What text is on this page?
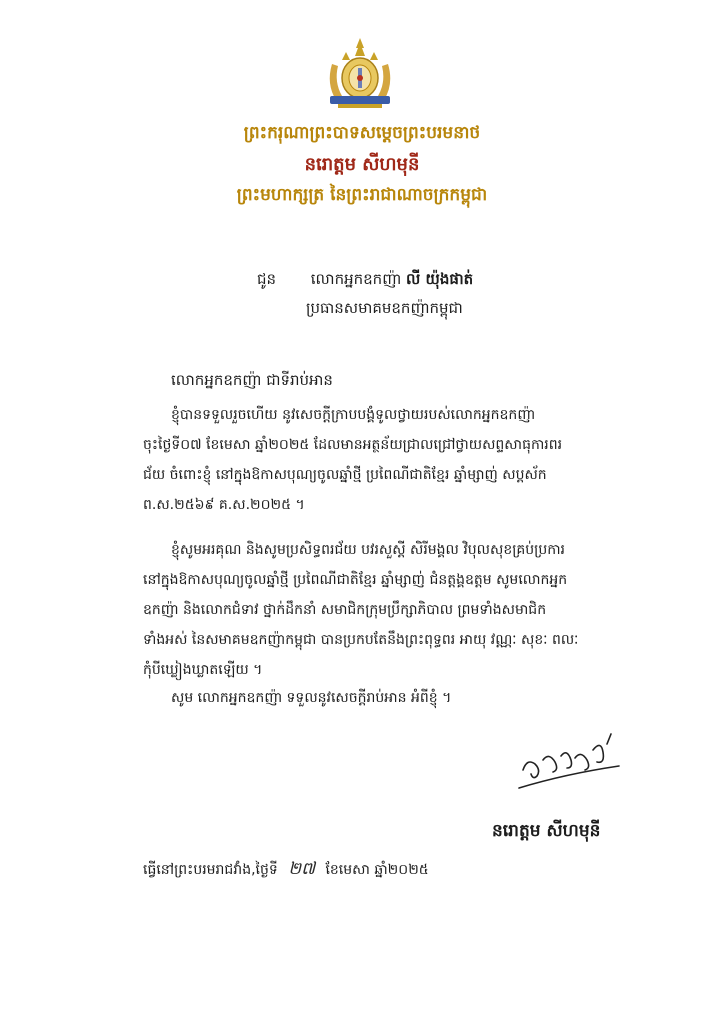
ព្រះករុណាព្រះបាទសម្តេចព្រះបរមនាថ
នរោត្តម សីហមុនី
ព្រះមហាក្សត្រ នៃព្រះរាជាណាចក្រកម្ពុជា
ជូន លោកអ្នកឧកញ៉ា លី យ៉ុងផាត់
ប្រធានសមាគមឧកញ៉ាកម្ពុជា
លោកអ្នកឧកញ៉ា ជាទីរាប់អាន
ខ្ញុំបានទទួលរួចហើយ នូវសេចក្តីក្រាបបង្គំទូលថ្វាយរបស់លោកអ្នកឧកញ៉ា
ចុះថ្ងៃទី០៧ ខែមេសា ឆ្នាំ២០២៥ ដែលមានអត្ថន័យជ្រាលជ្រៅថ្វាយសព្ទសាធុការពរ
ជ័យ ចំពោះខ្ញុំ នៅក្នុងឱកាសបុណ្យចូលឆ្នាំថ្មី ប្រពៃណីជាតិខ្មែរ ឆ្នាំម្សាញ់ សប្តស័ក
ព.ស.២៥៦៩ គ.ស.២០២៥ ។
ខ្ញុំសូមអរគុណ និងសូមប្រសិទ្ធពរជ័យ បវរសួស្តី សិរីមង្គល វិបុលសុខគ្រប់ប្រការ
នៅក្នុងឱកាសបុណ្យចូលឆ្នាំថ្មី ប្រពៃណីជាតិខ្មែរ ឆ្នាំម្សាញ់ ជំនត្តង្គឧត្តម សូមលោកអ្នក
ឧកញ៉ា និងលោកជំទាវ ថ្នាក់ដឹកនាំ សមាជិកក្រុមប្រឹក្សាភិបាល ព្រមទាំងសមាជិក
ទាំងអស់ នៃសមាគមឧកញ៉ាកម្ពុជា បានប្រកបតែនឹងព្រះពុទ្ធពរ អាយុ វណ្ណៈ សុខៈ ពលៈ
កុំបីឃ្លៀងឃ្លាតឡើយ ។
សូម លោកអ្នកឧកញ៉ា ទទួលនូវសេចក្តីរាប់អាន អំពីខ្ញុំ ។
នរោត្តម សីហមុនី
ធ្វើនៅព្រះបរមរាជវាំង,ថ្ងៃទី ២៧ ខែមេសា ឆ្នាំ២០២៥
